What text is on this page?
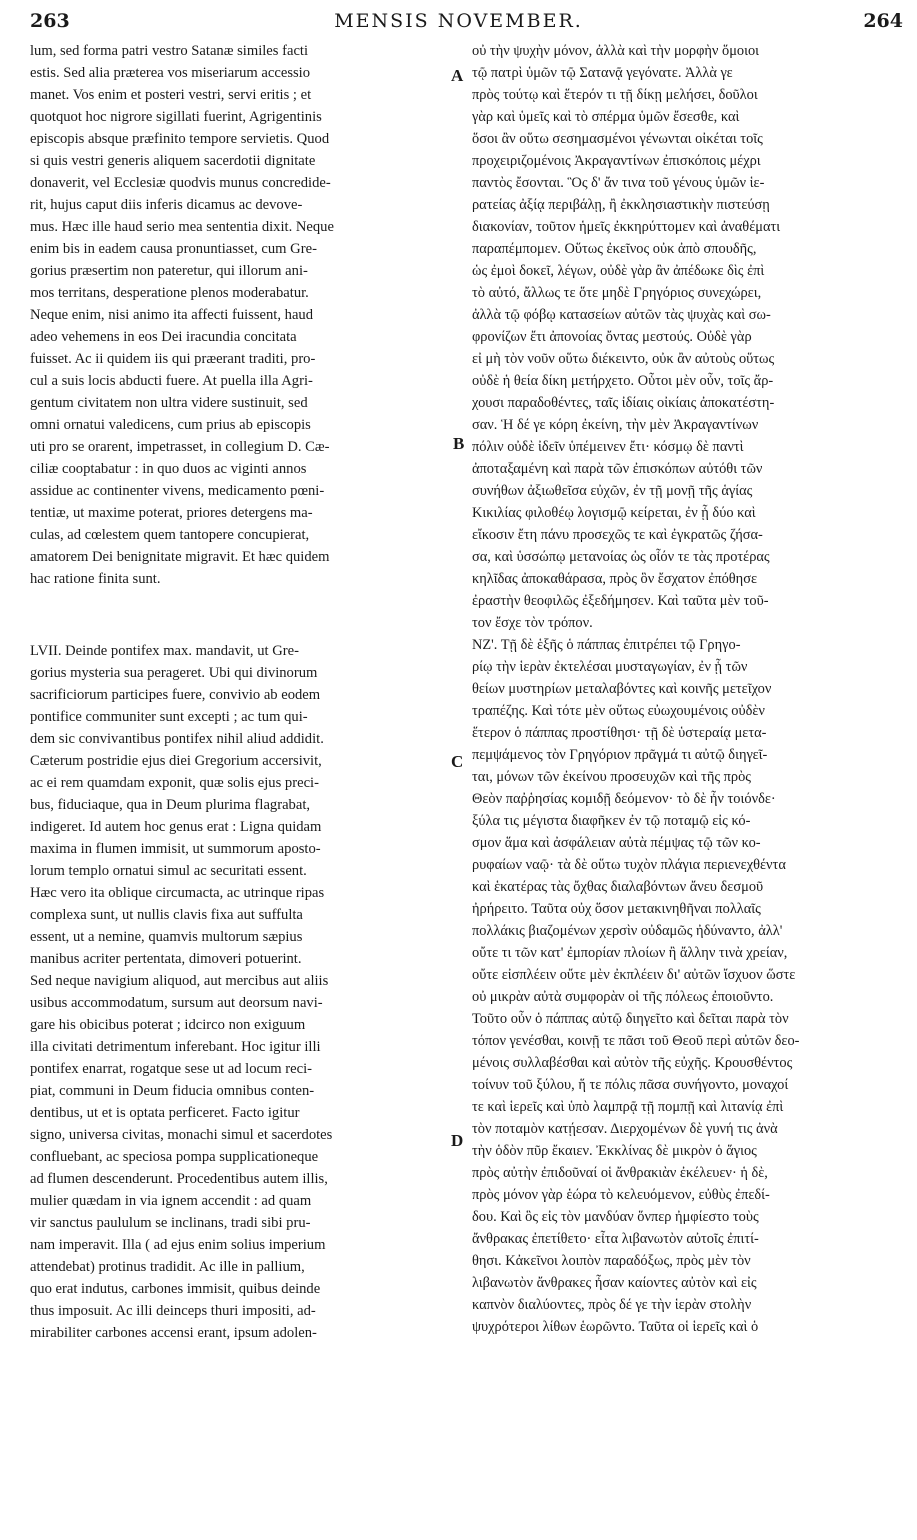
263	MENSIS NOVEMBER.	264
A
B
C
D
lum, sed forma patri vestro Satanæ similes facti
estis. Sed alia præterea vos miseriarum accessio
manet. Vos enim et posteri vestri, servi eritis ; et
quotquot hoc nigrore sigillati fuerint, Agrigentinis
episcopis absque præfinito tempore servietis. Quod
si quis vestri generis aliquem sacerdotii dignitate
donaverit, vel Ecclesiæ quodvis munus concredide-
rit, hujus caput diis inferis dicamus ac devove-
mus. Hæc ille haud serio mea sententia dixit. Neque
enim bis in eadem causa pronuntiasset, cum Gre-
gorius præsertim non pateretur, qui illorum ani-
mos territans, desperatione plenos moderabatur.
Neque enim, nisi animo ita affecti fuissent, haud
adeo vehemens in eos Dei iracundia concitata
fuisset. Ac ii quidem iis qui præerant traditi, pro-
cul a suis locis abducti fuere. At puella illa Agri-
gentum civitatem non ultra videre sustinuit, sed
omni ornatui valedicens, cum prius ab episcopis
uti pro se orarent, impetrasset, in collegium D. Cæ-
ciliæ cooptabatur : in quo duos ac viginti annos
assidue ac continenter vivens, medicamento pœni-
tentiæ, ut maxime poterat, priores detergens ma-
culas, ad cœlestem quem tantopere concupierat,
amatorem Dei benignitate migravit. Et hæc quidem
hac ratione finita sunt.
LVII. Deinde pontifex max. mandavit, ut Gre-
gorius mysteria sua perageret. Ubi qui divinorum
sacrificiorum participes fuere, convivio ab eodem
pontifice communiter sunt excepti ; ac tum qui-
dem sic convivantibus pontifex nihil aliud addidit.
Cæterum postridie ejus diei Gregorium accersivit,
ac ei rem quamdam exponit, quæ solis ejus preci-
bus, fiduciaque, qua in Deum plurima flagrabat,
indigeret. Id autem hoc genus erat : Ligna quidam
maxima in flumen immisit, ut summorum aposto-
lorum templo ornatui simul ac securitati essent.
Hæc vero ita oblique circumacta, ac utrinque ripas
complexa sunt, ut nullis clavis fixa aut suffulta
essent, ut a nemine, quamvis multorum sæpius
manibus acriter pertentata, dimoveri potuerint.
Sed neque navigium aliquod, aut mercibus aut aliis
usibus accommodatum, sursum aut deorsum navi-
gare his obicibus poterat ; idcirco non exiguum
illa civitati detrimentum inferebant. Hoc igitur illi
pontifex enarrat, rogatque sese ut ad locum reci-
piat, communi in Deum fiducia omnibus conten-
dentibus, ut et is optata perficeret. Facto igitur
signo, universa civitas, monachi simul et sacerdotes
confluebant, ac speciosa pompa supplicationeque
ad flumen descenderunt. Procedentibus autem illis,
mulier quædam in via ignem accendit : ad quam
vir sanctus paululum se inclinans, tradi sibi pru-
nam imperavit. Illa ( ad ejus enim solius imperium
attendebat) protinus tradidit. Ac ille in pallium,
quo erat indutus, carbones immisit, quibus deinde
thus imposuit. Ac illi deinceps thuri impositi, ad-
mirabiliter carbones accensi erant, ipsum adolen-
οὐ τὴν ψυχὴν μόνον, ἀλλὰ καὶ τὴν μορφὴν ὅμοιοι
τῷ πατρὶ ὑμῶν τῷ Σατανᾷ γεγόνατε. Ἀλλὰ γε
πρὸς τούτῳ καὶ ἕτερόν τι τῇ δίκῃ μελήσει, δοῦλοι
γὰρ καὶ ὑμεῖς καὶ τὸ σπέρμα ὑμῶν ἔσεσθε, καὶ
ὅσοι ἂν οὕτω σεσημασμένοι γένωνται οἰκέται τοῖς
προχειριζομένοις Ἀκραγαντίνων ἐπισκόποις μέχρι
παντὸς ἔσονται. Ὃς δ' ἄν τινα τοῦ γένους ὑμῶν ἱε-
ρατείας ἀξίᾳ περιβάλῃ, ἢ ἐκκλησιαστικὴν πιστεύσῃ
διακονίαν, τοῦτον ἡμεῖς ἐκκηρύττομεν καὶ ἀναθέματι
παραπέμπομεν. Οὕτως ἐκεῖνος οὐκ ἀπὸ σπουδῆς,
ὡς ἐμοὶ δοκεῖ, λέγων, οὐδὲ γὰρ ἂν ἀπέδωκε δὶς ἐπὶ
τὸ αὐτό, ἄλλως τε ὅτε μηδὲ Γρηγόριος συνεχώρει,
ἀλλὰ τῷ φόβῳ κατασείων αὐτῶν τὰς ψυχὰς καὶ σω-
φρονίζων ἔτι ἀπονοίας ὄντας μεστούς. Οὐδὲ γὰρ
εἰ μὴ τὸν νοῦν οὕτω διέκειντο, οὐκ ἂν αὐτοὺς οὕτως
οὐδὲ ἡ θεία δίκη μετήρχετο. Οὗτοι μὲν οὖν, τοῖς ἄρ-
χουσι παραδοθέντες, ταῖς ἰδίαις οἰκίαις ἀποκατέστη-
σαν. Ἡ δέ γε κόρη ἐκείνη, τὴν μὲν Ἀκραγαντίνων
πόλιν οὐδὲ ἰδεῖν ὑπέμεινεν ἔτι· κόσμῳ δὲ παντὶ
ἀποταξαμένη καὶ παρὰ τῶν ἐπισκόπων αὐτόθι τῶν
συνήθων ἀξιωθεῖσα εὐχῶν, ἐν τῇ μονῇ τῆς ἁγίας
Κικιλίας φιλοθέῳ λογισμῷ κείρεται, ἐν ᾗ δύο καὶ
εἴκοσιν ἔτη πάνυ προσεχῶς τε καὶ ἐγκρατῶς ζήσα-
σα, καὶ ὑσσώπῳ μετανοίας ὡς οἷόν τε τὰς προτέρας
κηλῖδας ἀποκαθάρασα, πρὸς ὃν ἔσχατον ἐπόθησε
ἐραστὴν θεοφιλῶς ἐξεδήμησεν. Καὶ ταῦτα μὲν τοῦ-
τον ἔσχε τὸν τρόπον.
ΝΖ'. Τῇ δὲ ἑξῆς ὁ πάππας ἐπιτρέπει τῷ Γρηγο-
ρίῳ τὴν ἱερὰν ἐκτελέσαι μυσταγωγίαν, ἐν ᾗ τῶν
θείων μυστηρίων μεταλαβόντες καὶ κοινῆς μετεῖχον
τραπέζης. Καὶ τότε μὲν οὕτως εὐωχουμένοις οὐδὲν
ἕτερον ὁ πάππας προστίθησι· τῇ δὲ ὑστεραίᾳ μετα-
πεμψάμενος τὸν Γρηγόριον πρᾶγμά τι αὐτῷ διηγεῖ-
ται, μόνων τῶν ἐκείνου προσευχῶν καὶ τῆς πρὸς
Θεὸν παῤῥησίας κομιδῇ δεόμενον· τὸ δὲ ἦν τοιόνδε·
ξύλα τις μέγιστα διαφῆκεν ἐν τῷ ποταμῷ εἰς κό-
σμον ἅμα καὶ ἀσφάλειαν αὐτὰ πέμψας τῷ τῶν κο-
ρυφαίων ναῷ· τὰ δὲ οὕτω τυχὸν πλάγια περιενεχθέντα
καὶ ἑκατέρας τὰς ὄχθας διαλαβόντων ἄνευ δεσμοῦ
ἠρήρειτο. Ταῦτα οὐχ ὅσον μετακινηθῆναι πολλαῖς
πολλάκις βιαζομένων χερσὶν οὐδαμῶς ἠδύναντο, ἀλλ'
οὔτε τι τῶν κατ' ἐμπορίαν πλοίων ἢ ἄλλην τινὰ χρείαν,
οὔτε εἰσπλέειν οὔτε μὲν ἐκπλέειν δι' αὐτῶν ἴσχυον ὥστε
οὐ μικρὰν αὐτὰ συμφορὰν οἱ τῆς πόλεως ἐποιοῦντο.
Τοῦτο οὖν ὁ πάππας αὐτῷ διηγεῖτο καὶ δεῖται παρὰ τὸν
τόπον γενέσθαι, κοινῇ τε πᾶσι τοῦ Θεοῦ περὶ αὐτῶν δεο-
μένοις συλλαβέσθαι καὶ αὐτὸν τῆς εὐχῆς. Κρουσθέντος
τοίνυν τοῦ ξύλου, ἥ τε πόλις πᾶσα συνήγοντο, μοναχοί
τε καὶ ἱερεῖς καὶ ὑπὸ λαμπρᾷ τῇ πομπῇ καὶ λιτανίᾳ ἐπὶ
τὸν ποταμὸν κατῄεσαν. Διερχομένων δὲ γυνή τις ἀνὰ
τὴν ὁδὸν πῦρ ἔκαιεν. Ἐκκλίνας δὲ μικρὸν ὁ ἅγιος
πρὸς αὐτὴν ἐπιδοῦναί οἱ ἄνθρακιὰν ἐκέλευεν· ἡ δὲ,
πρὸς μόνον γὰρ ἑώρα τὸ κελευόμενον, εὐθὺς ἐπεδί-
δου. Καὶ ὃς εἰς τὸν μανδύαν ὅνπερ ἠμφίεστο τοὺς
ἄνθρακας ἐπετίθετο· εἶτα λιβανωτὸν αὐτοῖς ἐπιτί-
θησι. Κἀκεῖνοι λοιπὸν παραδόξως, πρὸς μὲν τὸν
λιβανωτὸν ἄνθρακες ἦσαν καίοντες αὐτὸν καὶ εἰς
καπνὸν διαλύοντες, πρὸς δέ γε τὴν ἱερὰν στολὴν
ψυχρότεροι λίθων ἑωρῶντο. Ταῦτα οἱ ἱερεῖς καὶ ὁ
